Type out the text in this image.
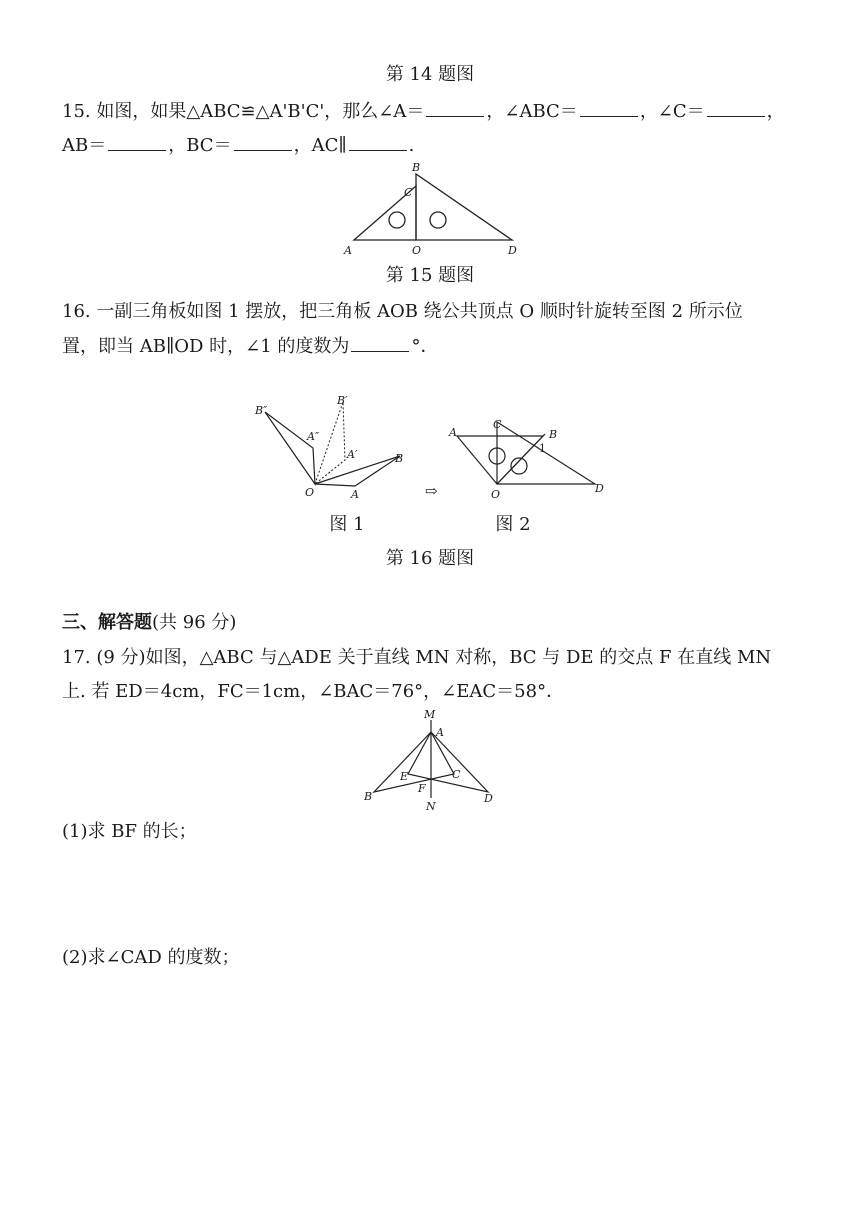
第 14 题图
15. 如图，如果△ABC≌△A'B'C'，那么∠A＝	，∠ABC＝	，∠C＝	，
AB＝	，BC＝	，AC∥	.
B
C
A	O	D
第 15 题图
16. 一副三角板如图 1 摆放，把三角板 AOB 绕公共顶点 O 顺时针旋转至图 2 所示位
置，即当 AB∥OD 时，∠1 的度数为	°．
B″
B′
A″
A′	B
O	A	⇨
A
C
B
1
O	D
图 1	图 2
第 16 题图
三、解答题(共 96 分)
17. (9 分)如图，△ABC 与△ADE 关于直线 MN 对称，BC 与 DE 的交点 F 在直线 MN
上. 若 ED＝4cm，FC＝1cm，∠BAC＝76°，∠EAC＝58°．
M
A
E	C
F
B
N
D
(1)求 BF 的长；
(2)求∠CAD 的度数；
